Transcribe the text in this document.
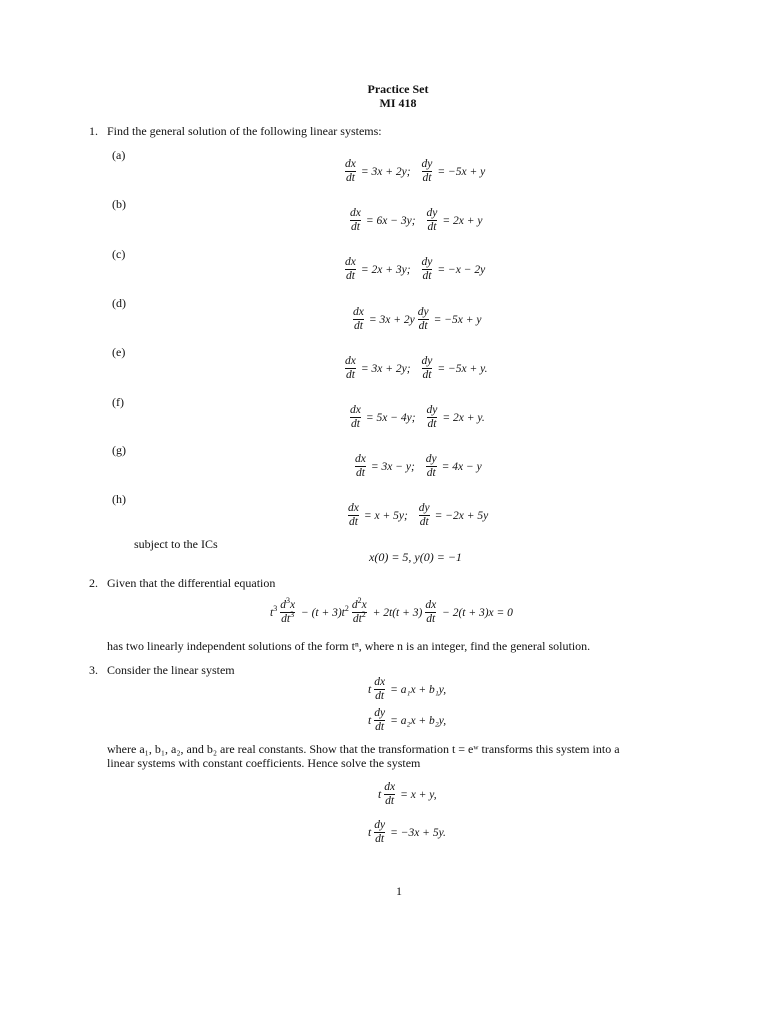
Practice Set
MI 418
1. Find the general solution of the following linear systems:
(a)
$\frac{dx}{dt} = 3x + 2y$; $\frac{dy}{dt} = -5x + y$
(b)
$\frac{dx}{dt} = 6x - 3y$; $\frac{dy}{dt} = 2x + y$
(c)
$\frac{dx}{dt} = 2x + 3y$; $\frac{dy}{dt} = -x - 2y$
(d)
$\frac{dx}{dt} = 3x + 2y \frac{dy}{dt} = -5x + y$
(e)
$\frac{dx}{dt} = 3x + 2y$; $\frac{dy}{dt} = -5x + y$.
(f)
$\frac{dx}{dt} = 5x - 4y$; $\frac{dy}{dt} = 2x + y$.
(g)
$\frac{dx}{dt} = 3x - y$; $\frac{dy}{dt} = 4x - y$
(h)
$\frac{dx}{dt} = x + 5y$; $\frac{dy}{dt} = -2x + 5y$
subject to the ICs
x(0) = 5, y(0) = −1
2. Given that the differential equation
$t^3 \frac{d^3x}{dt^3} - (t + 3)t^2 \frac{d^2x}{dt^2} + 2t(t + 3) \frac{dx}{dt} - 2(t + 3)x = 0$
has two linearly independent solutions of the form tⁿ, where n is an integer, find the general solution.
3. Consider the linear system
t $\frac{dx}{dt} = a_1x + b_1y$,
t $\frac{dy}{dt} = a_2x + b_2y$,
where a₁, b₁, a₂, and b₂ are real constants. Show that the transformation t = eʷ transforms this system into a
linear systems with constant coefficients. Hence solve the system
t $\frac{dx}{dt} = x + y$,
t $\frac{dy}{dt} = -3x + 5y$.
1
